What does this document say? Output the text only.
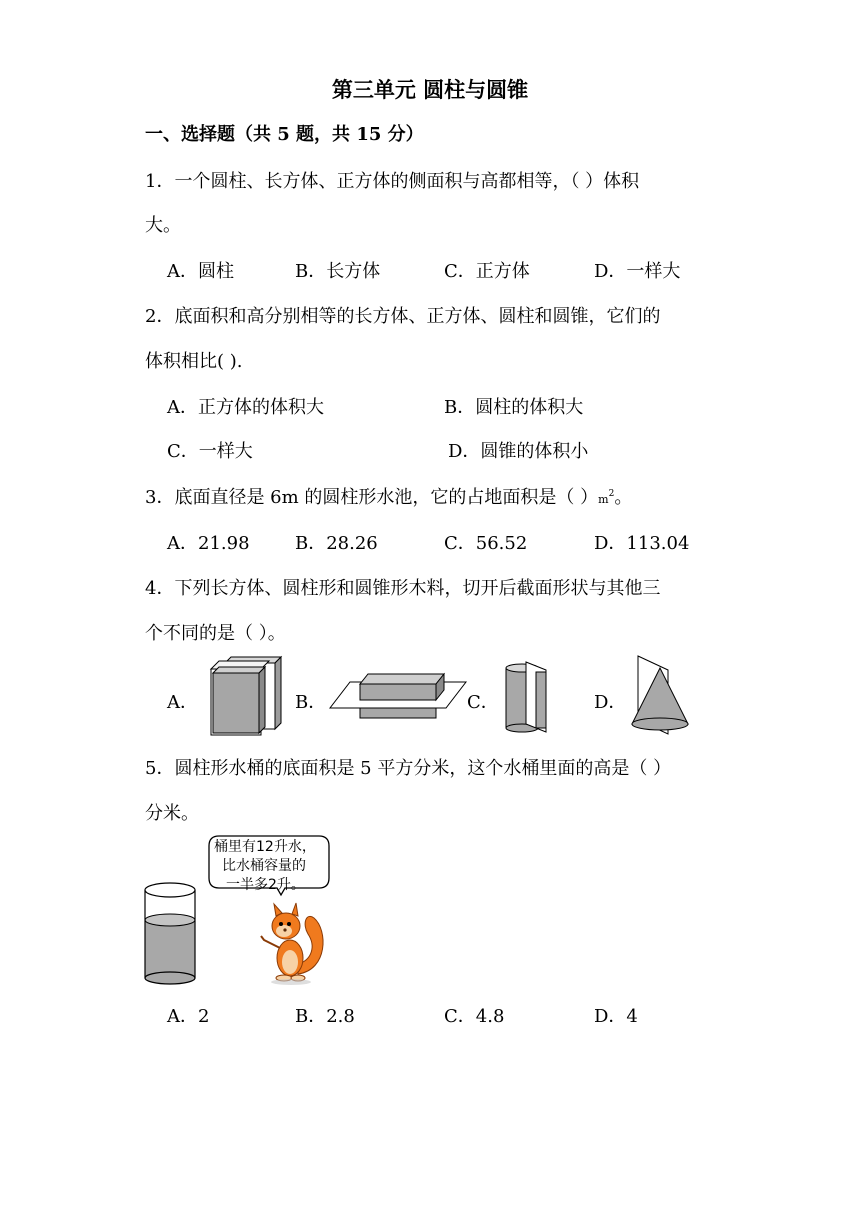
第三单元 圆柱与圆锥
一、选择题（共 5 题，共 15 分）
1．一个圆柱、长方体、正方体的侧面积与高都相等，（ ）体积
大。
A．圆柱	B．长方体	C．正方体	D．一样大
2．底面积和高分别相等的长方体、正方体、圆柱和圆锥，它们的
体积相比( ).
A．正方体的体积大	B．圆柱的体积大
C．一样大	D．圆锥的体积小
3．底面直径是 6m 的圆柱形水池，它的占地面积是（ ）$m^2$。
A．21.98	B．28.26	C．56.52	D．113.04
4．下列长方体、圆柱形和圆锥形木料，切开后截面形状与其他三
个不同的是（ ）。
A．	B．	C．	D．
5．圆柱形水桶的底面积是 5 平方分米，这个水桶里面的高是（ ）
分米。
桶里有12升水，
比水桶容量的
一半多2升。
A．2	B．2.8	C．4.8	D．4
